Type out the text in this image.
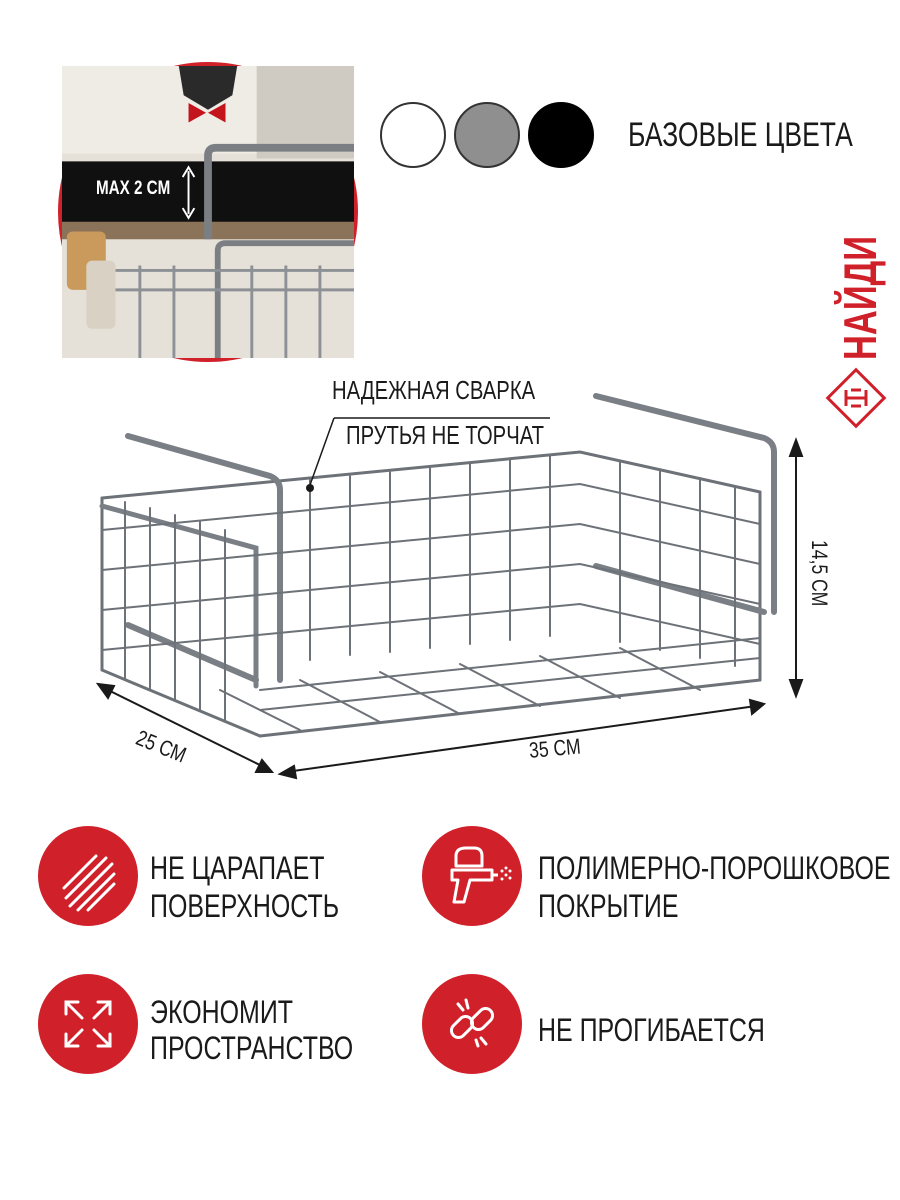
MAX 2 CM
БАЗОВЫЕ ЦВЕТА
НАЙДИ
НАДЕЖНАЯ СВАРКА
ПРУТЬЯ НЕ ТОРЧАТ
25 СМ	35 СМ
14,5 СМ
НЕ ЦАРАПАЕТ
ПОВЕРХНОСТЬ
ПОЛИМЕРНО-ПОРОШКОВОЕ
ПОКРЫТИЕ
ЭКОНОМИТ
ПРОСТРАНСТВО	НЕ ПРОГИБАЕТСЯ
